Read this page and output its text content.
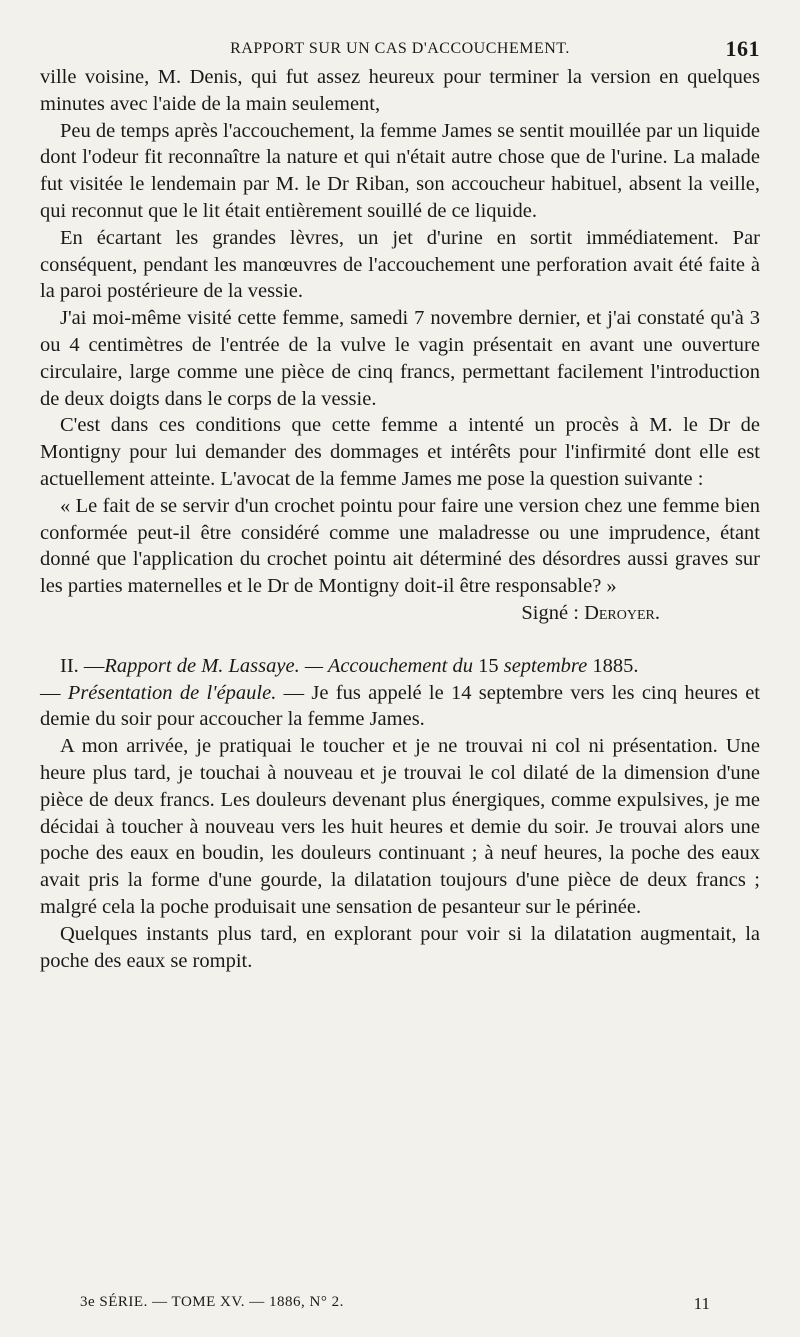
RAPPORT SUR UN CAS D'ACCOUCHEMENT.	161

ville voisine, M. Denis, qui fut assez heureux pour terminer la version en quelques minutes avec l'aide de la main seulement,

Peu de temps après l'accouchement, la femme James se sentit mouillée par un liquide dont l'odeur fit reconnaître la nature et qui n'était autre chose que de l'urine. La malade fut visitée le lendemain par M. le Dr Riban, son accoucheur habituel, absent la veille, qui reconnut que le lit était entièrement souillé de ce liquide.

En écartant les grandes lèvres, un jet d'urine en sortit immédiatement. Par conséquent, pendant les manœuvres de l'accouchement une perforation avait été faite à la paroi postérieure de la vessie.

J'ai moi-même visité cette femme, samedi 7 novembre dernier, et j'ai constaté qu'à 3 ou 4 centimètres de l'entrée de la vulve le vagin présentait en avant une ouverture circulaire, large comme une pièce de cinq francs, permettant facilement l'introduction de deux doigts dans le corps de la vessie.

C'est dans ces conditions que cette femme a intenté un procès à M. le Dr de Montigny pour lui demander des dommages et intérêts pour l'infirmité dont elle est actuellement atteinte. L'avocat de la femme James me pose la question suivante :

« Le fait de se servir d'un crochet pointu pour faire une version chez une femme bien conformée peut-il être considéré comme une maladresse ou une imprudence, étant donné que l'application du crochet pointu ait déterminé des désordres aussi graves sur les parties maternelles et le Dr de Montigny doit-il être responsable? »

Signé : Deroyer.

II. —Rapport de M. Lassaye. — Accouchement du 15 septembre 1885.
— Présentation de l'épaule. — Je fus appelé le 14 septembre vers les cinq heures et demie du soir pour accoucher la femme James.

A mon arrivée, je pratiquai le toucher et je ne trouvai ni col ni présentation. Une heure plus tard, je touchai à nouveau et je trouvai le col dilaté de la dimension d'une pièce de deux francs. Les douleurs devenant plus énergiques, comme expulsives, je me décidai à toucher à nouveau vers les huit heures et demie du soir. Je trouvai alors une poche des eaux en boudin, les douleurs continuant ; à neuf heures, la poche des eaux avait pris la forme d'une gourde, la dilatation toujours d'une pièce de deux francs ; malgré cela la poche produisait une sensation de pesanteur sur le périnée.

Quelques instants plus tard, en explorant pour voir si la dilatation augmentait, la poche des eaux se rompit.

3e SÉRIE. — TOME XV. — 1886, N° 2.	11
